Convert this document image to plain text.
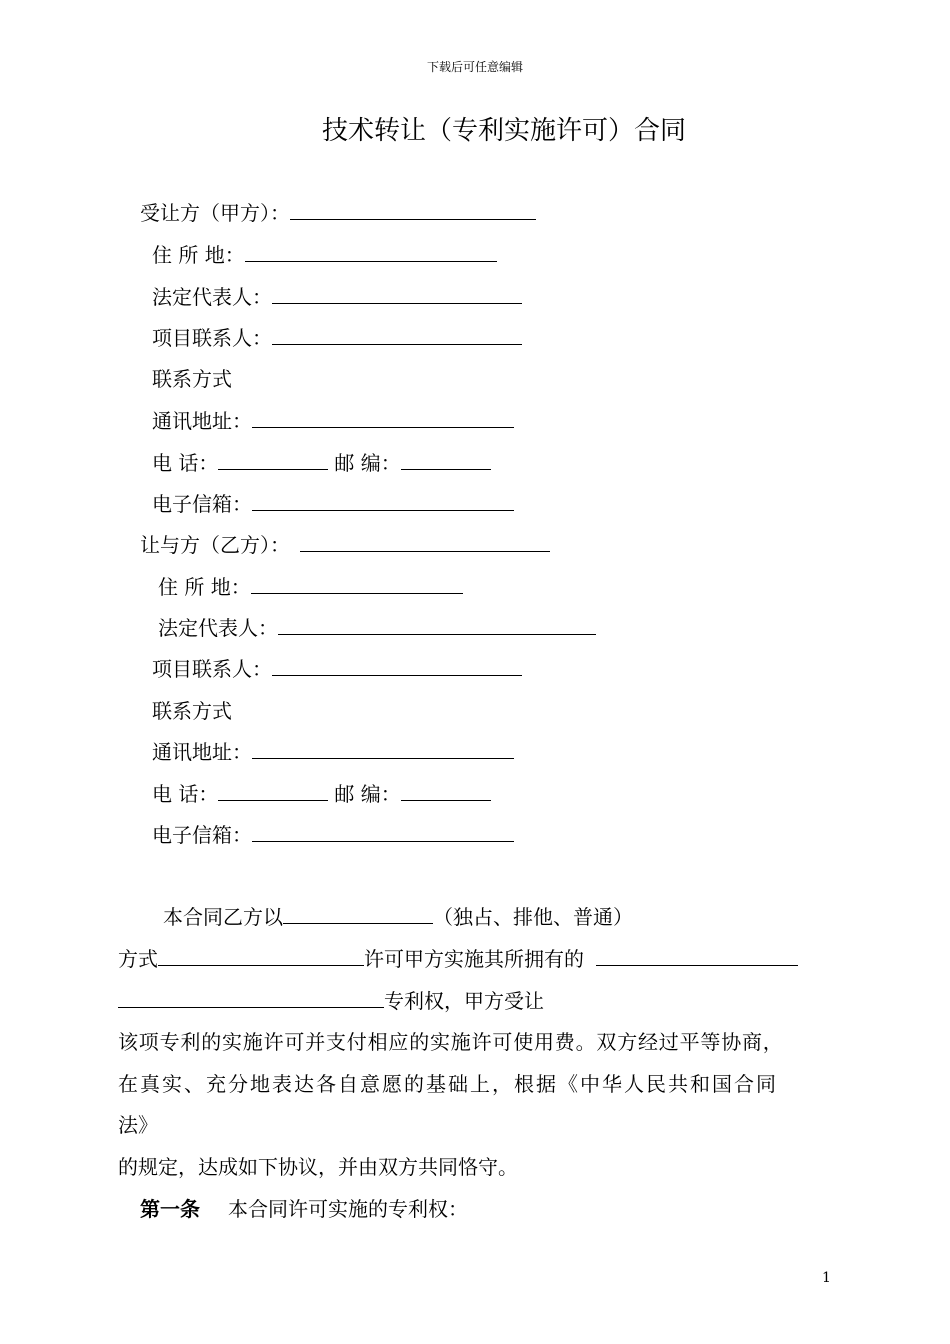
下载后可任意编辑
技术转让（专利实施许可）合同
受让方（甲方）：
住 所 地：
法定代表人：
项目联系人：
联系方式
通讯地址：
电 话：	邮 编：
电子信箱：
让与方（乙方）：
住 所 地：
法定代表人：
项目联系人：
联系方式
通讯地址：
电 话：	邮 编：
电子信箱：
本合同乙方以	（独占、排他、普通）
方式	许可甲方实施其所拥有的
专利权，甲方受让
该项专利的实施许可并支付相应的实施许可使用费。双方经过平等协商，
在真实、充分地表达各自意愿的基础上，根据《中华人民共和国合同
法》
的规定，达成如下协议，并由双方共同恪守。
第一条 本合同许可实施的专利权：
1
